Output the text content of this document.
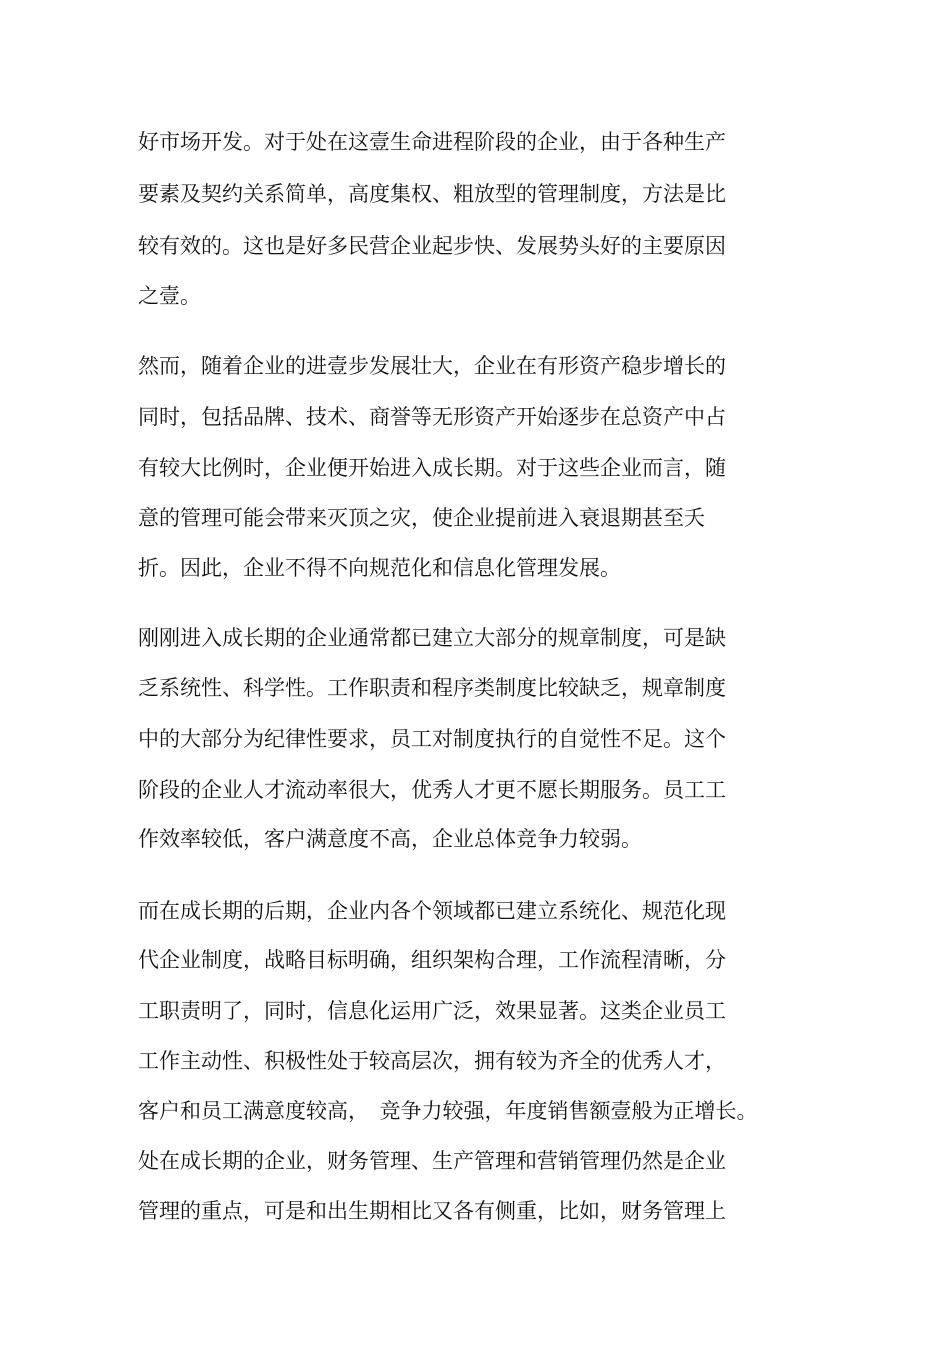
好市场开发。对于处在这壹生命进程阶段的企业，由于各种生产

要素及契约关系简单，高度集权、粗放型的管理制度，方法是比

较有效的。这也是好多民营企业起步快、发展势头好的主要原因

之壹。

然而，随着企业的进壹步发展壮大，企业在有形资产稳步增长的

同时，包括品牌、技术、商誉等无形资产开始逐步在总资产中占

有较大比例时，企业便开始进入成长期。对于这些企业而言，随

意的管理可能会带来灭顶之灾，使企业提前进入衰退期甚至夭

折。因此，企业不得不向规范化和信息化管理发展。

刚刚进入成长期的企业通常都已建立大部分的规章制度，可是缺

乏系统性、科学性。工作职责和程序类制度比较缺乏，规章制度

中的大部分为纪律性要求，员工对制度执行的自觉性不足。这个

阶段的企业人才流动率很大，优秀人才更不愿长期服务。员工工

作效率较低，客户满意度不高，企业总体竞争力较弱。

而在成长期的后期，企业内各个领域都已建立系统化、规范化现

代企业制度，战略目标明确，组织架构合理，工作流程清晰，分

工职责明了，同时，信息化运用广泛，效果显著。这类企业员工

工作主动性、积极性处于较高层次，拥有较为齐全的优秀人才，

客户和员工满意度较高，　竞争力较强，年度销售额壹般为正增长。

处在成长期的企业，财务管理、生产管理和营销管理仍然是企业

管理的重点，可是和出生期相比又各有侧重，比如，财务管理上
